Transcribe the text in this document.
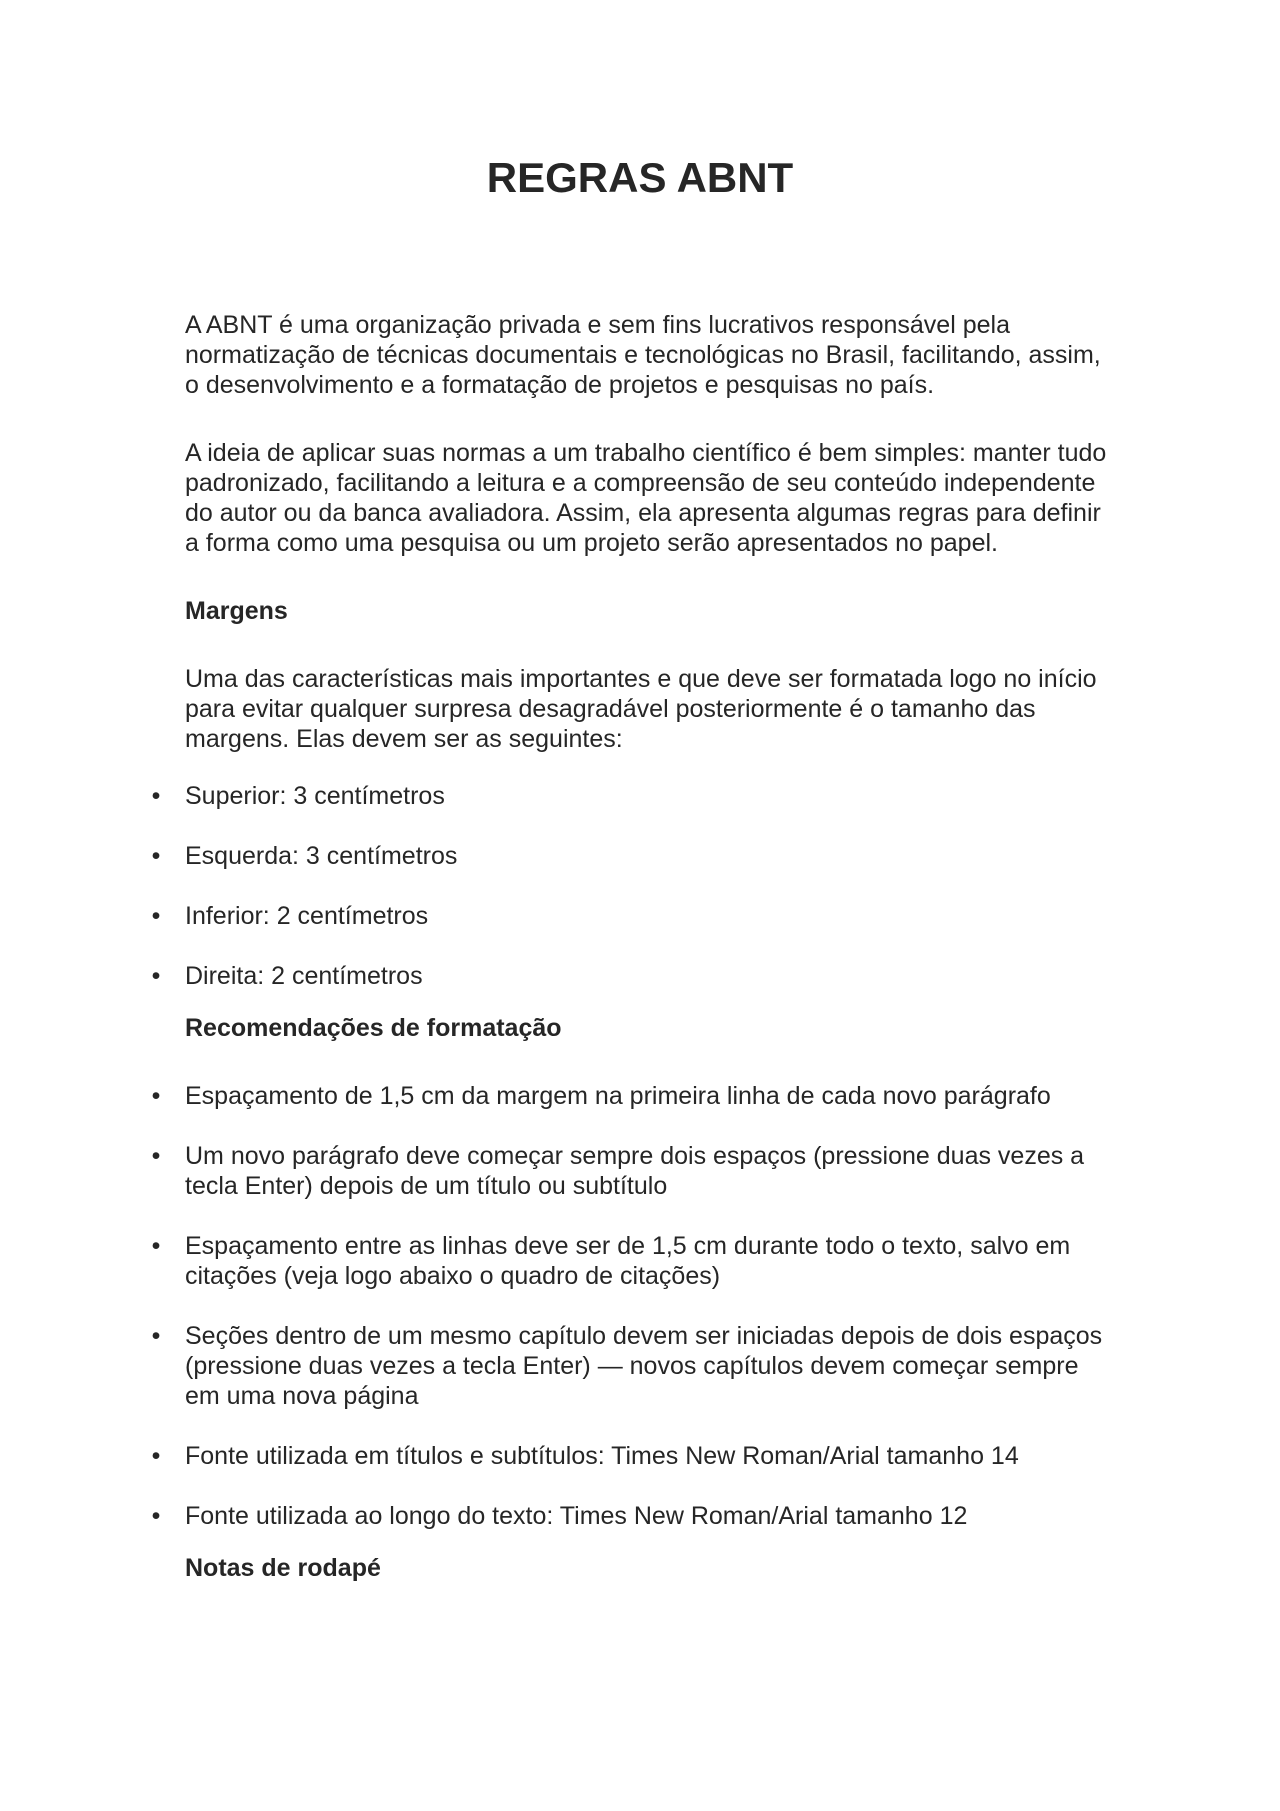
REGRAS ABNT

A ABNT é uma organização privada e sem fins lucrativos responsável pela normatização de técnicas documentais e tecnológicas no Brasil, facilitando, assim, o desenvolvimento e a formatação de projetos e pesquisas no país.

A ideia de aplicar suas normas a um trabalho científico é bem simples: manter tudo padronizado, facilitando a leitura e a compreensão de seu conteúdo independente do autor ou da banca avaliadora. Assim, ela apresenta algumas regras para definir a forma como uma pesquisa ou um projeto serão apresentados no papel.

Margens

Uma das características mais importantes e que deve ser formatada logo no início para evitar qualquer surpresa desagradável posteriormente é o tamanho das margens. Elas devem ser as seguintes:

• Superior: 3 centímetros
• Esquerda: 3 centímetros
• Inferior: 2 centímetros
• Direita: 2 centímetros

Recomendações de formatação

• Espaçamento de 1,5 cm da margem na primeira linha de cada novo parágrafo
• Um novo parágrafo deve começar sempre dois espaços (pressione duas vezes a tecla Enter) depois de um título ou subtítulo
• Espaçamento entre as linhas deve ser de 1,5 cm durante todo o texto, salvo em citações (veja logo abaixo o quadro de citações)
• Seções dentro de um mesmo capítulo devem ser iniciadas depois de dois espaços (pressione duas vezes a tecla Enter) — novos capítulos devem começar sempre em uma nova página
• Fonte utilizada em títulos e subtítulos: Times New Roman/Arial tamanho 14
• Fonte utilizada ao longo do texto: Times New Roman/Arial tamanho 12

Notas de rodapé
